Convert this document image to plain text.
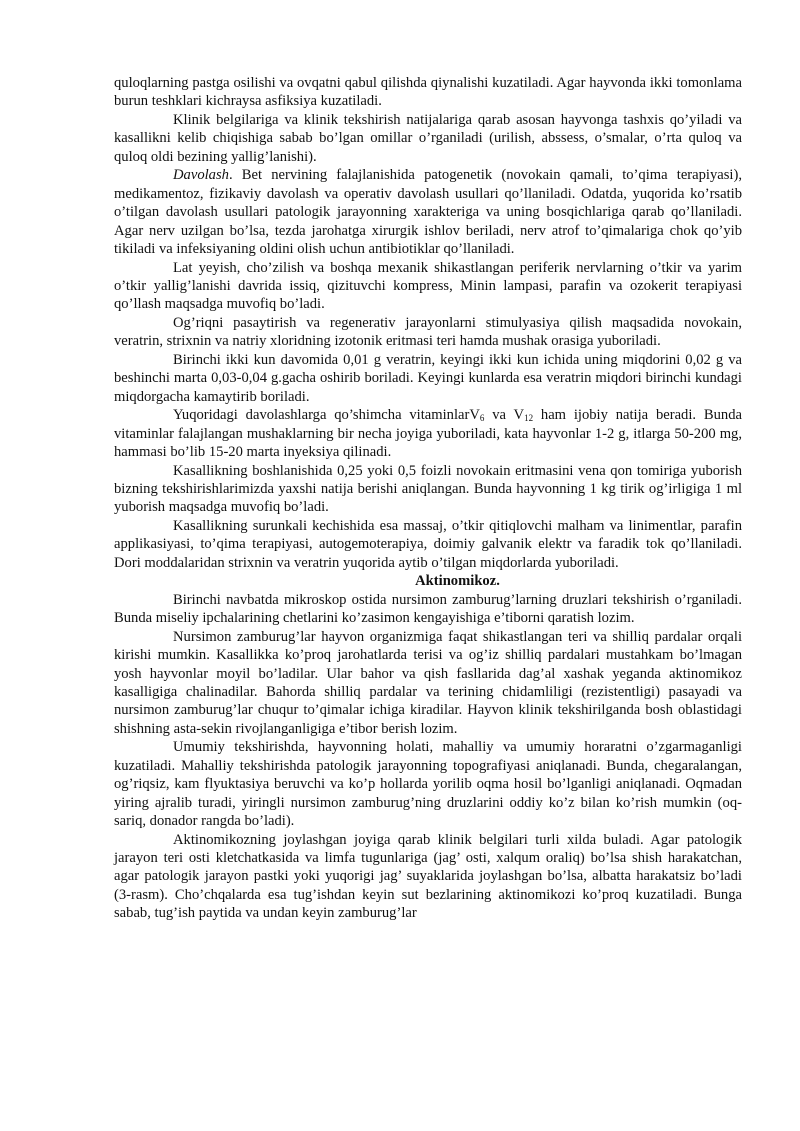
quloqlarning pastga osilishi va ovqatni qabul qilishda qiynalishi kuzatiladi. Agar hayvonda ikki tomonlama burun teshklari kichraysa asfiksiya kuzatiladi.

Klinik belgilariga va klinik tekshirish natijalariga qarab asosan hayvonga tashxis qo’yiladi va kasallikni kelib chiqishiga sabab bo’lgan omillar o’rganiladi (urilish, abssess, o’smalar, o’rta quloq va quloq oldi bezining yallig’lanishi).

Davolash. Bet nervining falajlanishida patogenetik (novokain qamali, to’qima terapiyasi), medikamentoz, fizikaviy davolash va operativ davolash usullari qo’llaniladi. Odatda, yuqorida ko’rsatib o’tilgan davolash usullari patologik jarayonning xarakteriga va uning bosqichlariga qarab qo’llaniladi. Agar nerv uzilgan bo’lsa, tezda jarohatga xirurgik ishlov beriladi, nerv atrof to’qimalariga chok qo’yib tikiladi va infeksiyaning oldini olish uchun antibiotiklar qo’llaniladi.

Lat yeyish, cho’zilish va boshqa mexanik shikastlangan periferik nervlarning o’tkir va yarim o’tkir yallig’lanishi davrida issiq, qizituvchi kompress, Minin lampasi, parafin va ozokerit terapiyasi qo’llash maqsadga muvofiq bo’ladi.

Og’riqni pasaytirish va regenerativ jarayonlarni stimulyasiya qilish maqsadida novokain, veratrin, strixnin va natriy xloridning izotonik eritmasi teri hamda mushak orasiga yuboriladi.

Birinchi ikki kun davomida 0,01 g veratrin, keyingi ikki kun ichida uning miqdorini 0,02 g va beshinchi marta 0,03-0,04 g.gacha oshirib boriladi. Keyingi kunlarda esa veratrin miqdori birinchi kundagi miqdorgacha kamaytirib boriladi.

Yuqoridagi davolashlarga qo’shimcha vitaminlarV$_6$ va $V_{12}$ ham ijobiy natija beradi. Bunda vitaminlar falajlangan mushaklarning bir necha joyiga yuboriladi, kata hayvonlar 1-2 g, itlarga 50-200 mg, hammasi bo’lib 15-20 marta inyeksiya qilinadi.

Kasallikning boshlanishida 0,25 yoki 0,5 foizli novokain eritmasini vena qon tomiriga yuborish bizning tekshirishlarimizda yaxshi natija berishi aniqlangan. Bunda hayvonning 1 kg tirik og’irligiga 1 ml yuborish maqsadga muvofiq bo’ladi.

Kasallikning surunkali kechishida esa massaj, o’tkir qitiqlovchi malham va linimentlar, parafin applikasiyasi, to’qima terapiyasi, autogemoterapiya, doimiy galvanik elektr va faradik tok qo’llaniladi. Dori moddalaridan strixnin va veratrin yuqorida aytib o’tilgan miqdorlarda yuboriladi.

Aktinomikoz.

Birinchi navbatda mikroskop ostida nursimon zamburug’larning druzlari tekshirish o’rganiladi. Bunda miseliy ipchalarining chetlarini ko’zasimon kengayishiga e’tiborni qaratish lozim.

Nursimon zamburug’lar hayvon organizmiga faqat shikastlangan teri va shilliq pardalar orqali kirishi mumkin. Kasallikka ko’proq jarohatlarda terisi va og’iz shilliq pardalari mustahkam bo’lmagan yosh hayvonlar moyil bo’ladilar. Ular bahor va qish fasllarida dag’al xashak yeganda aktinomikoz kasalligiga chalinadilar. Bahorda shilliq pardalar va terining chidamliligi (rezistentligi) pasayadi va nursimon zamburug’lar chuqur to’qimalar ichiga kiradilar. Hayvon klinik tekshirilganda bosh oblastidagi shishning asta-sekin rivojlanganligiga e’tibor berish lozim.

Umumiy tekshirishda, hayvonning holati, mahalliy va umumiy horaratni o’zgarmaganligi kuzatiladi. Mahalliy tekshirishda patologik jarayonning topografiyasi aniqlanadi. Bunda, chegaralangan, og’riqsiz, kam flyuktasiya beruvchi va ko’p hollarda yorilib oqma hosil bo’lganligi aniqlanadi. Oqmadan yiring ajralib turadi, yiringli nursimon zamburug’ning druzlarini oddiy ko’z bilan ko’rish mumkin (oq-sariq, donador rangda bo’ladi).

Aktinomikozning joylashgan joyiga qarab klinik belgilari turli xilda buladi. Agar patologik jarayon teri osti kletchatkasida va limfa tugunlariga (jag’ osti, xalqum oraliq) bo’lsa shish harakatchan, agar patologik jarayon pastki yoki yuqorigi jag’ suyaklarida joylashgan bo’lsa, albatta harakatsiz bo’ladi (3-rasm). Cho’chqalarda esa tug’ishdan keyin sut bezlarining aktinomikozi ko’proq kuzatiladi. Bunga sabab, tug’ish paytida va undan keyin zamburug’lar
